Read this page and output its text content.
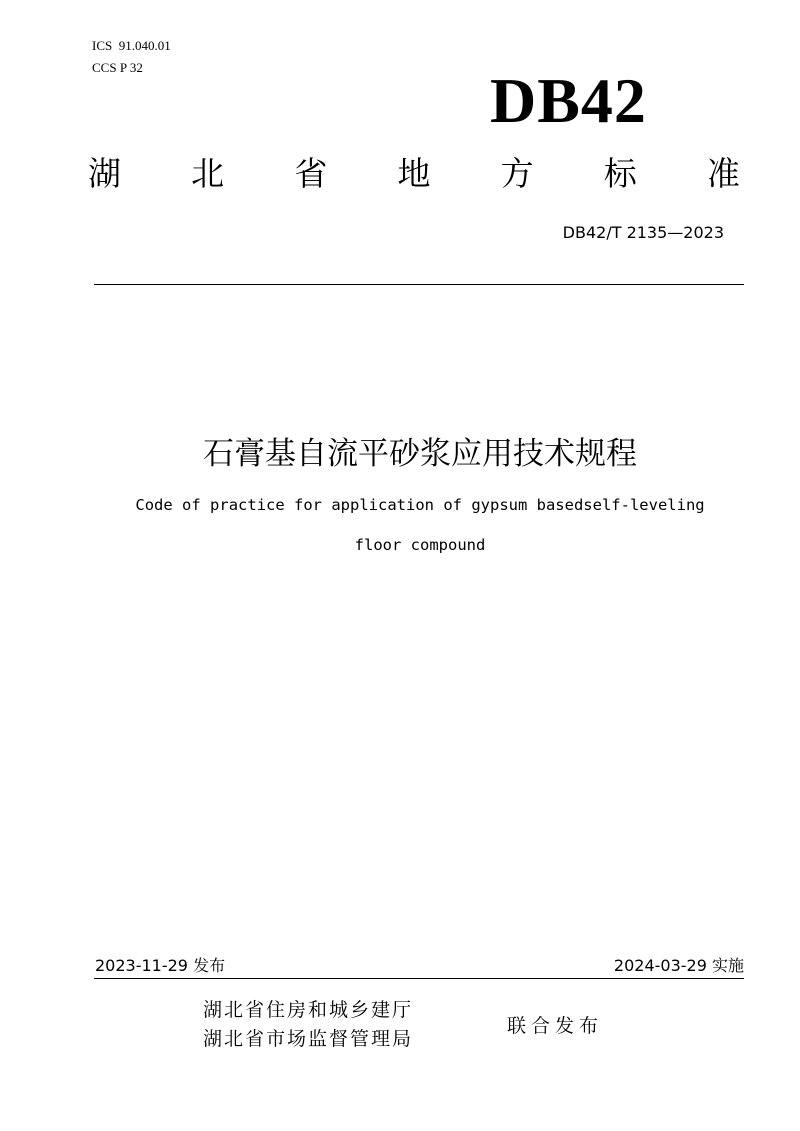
ICS  91.040.01
CCS P 32	DB42
湖 北 省 地 方 标 准
DB42/T 2135—2023
石膏基自流平砂浆应用技术规程
Code of practice for application of gypsum basedself-leveling
floor compound
2023-11-29 发布	2024-03-29 实施
湖北省住房和城乡建厅
湖北省市场监督管理局
联合发布
